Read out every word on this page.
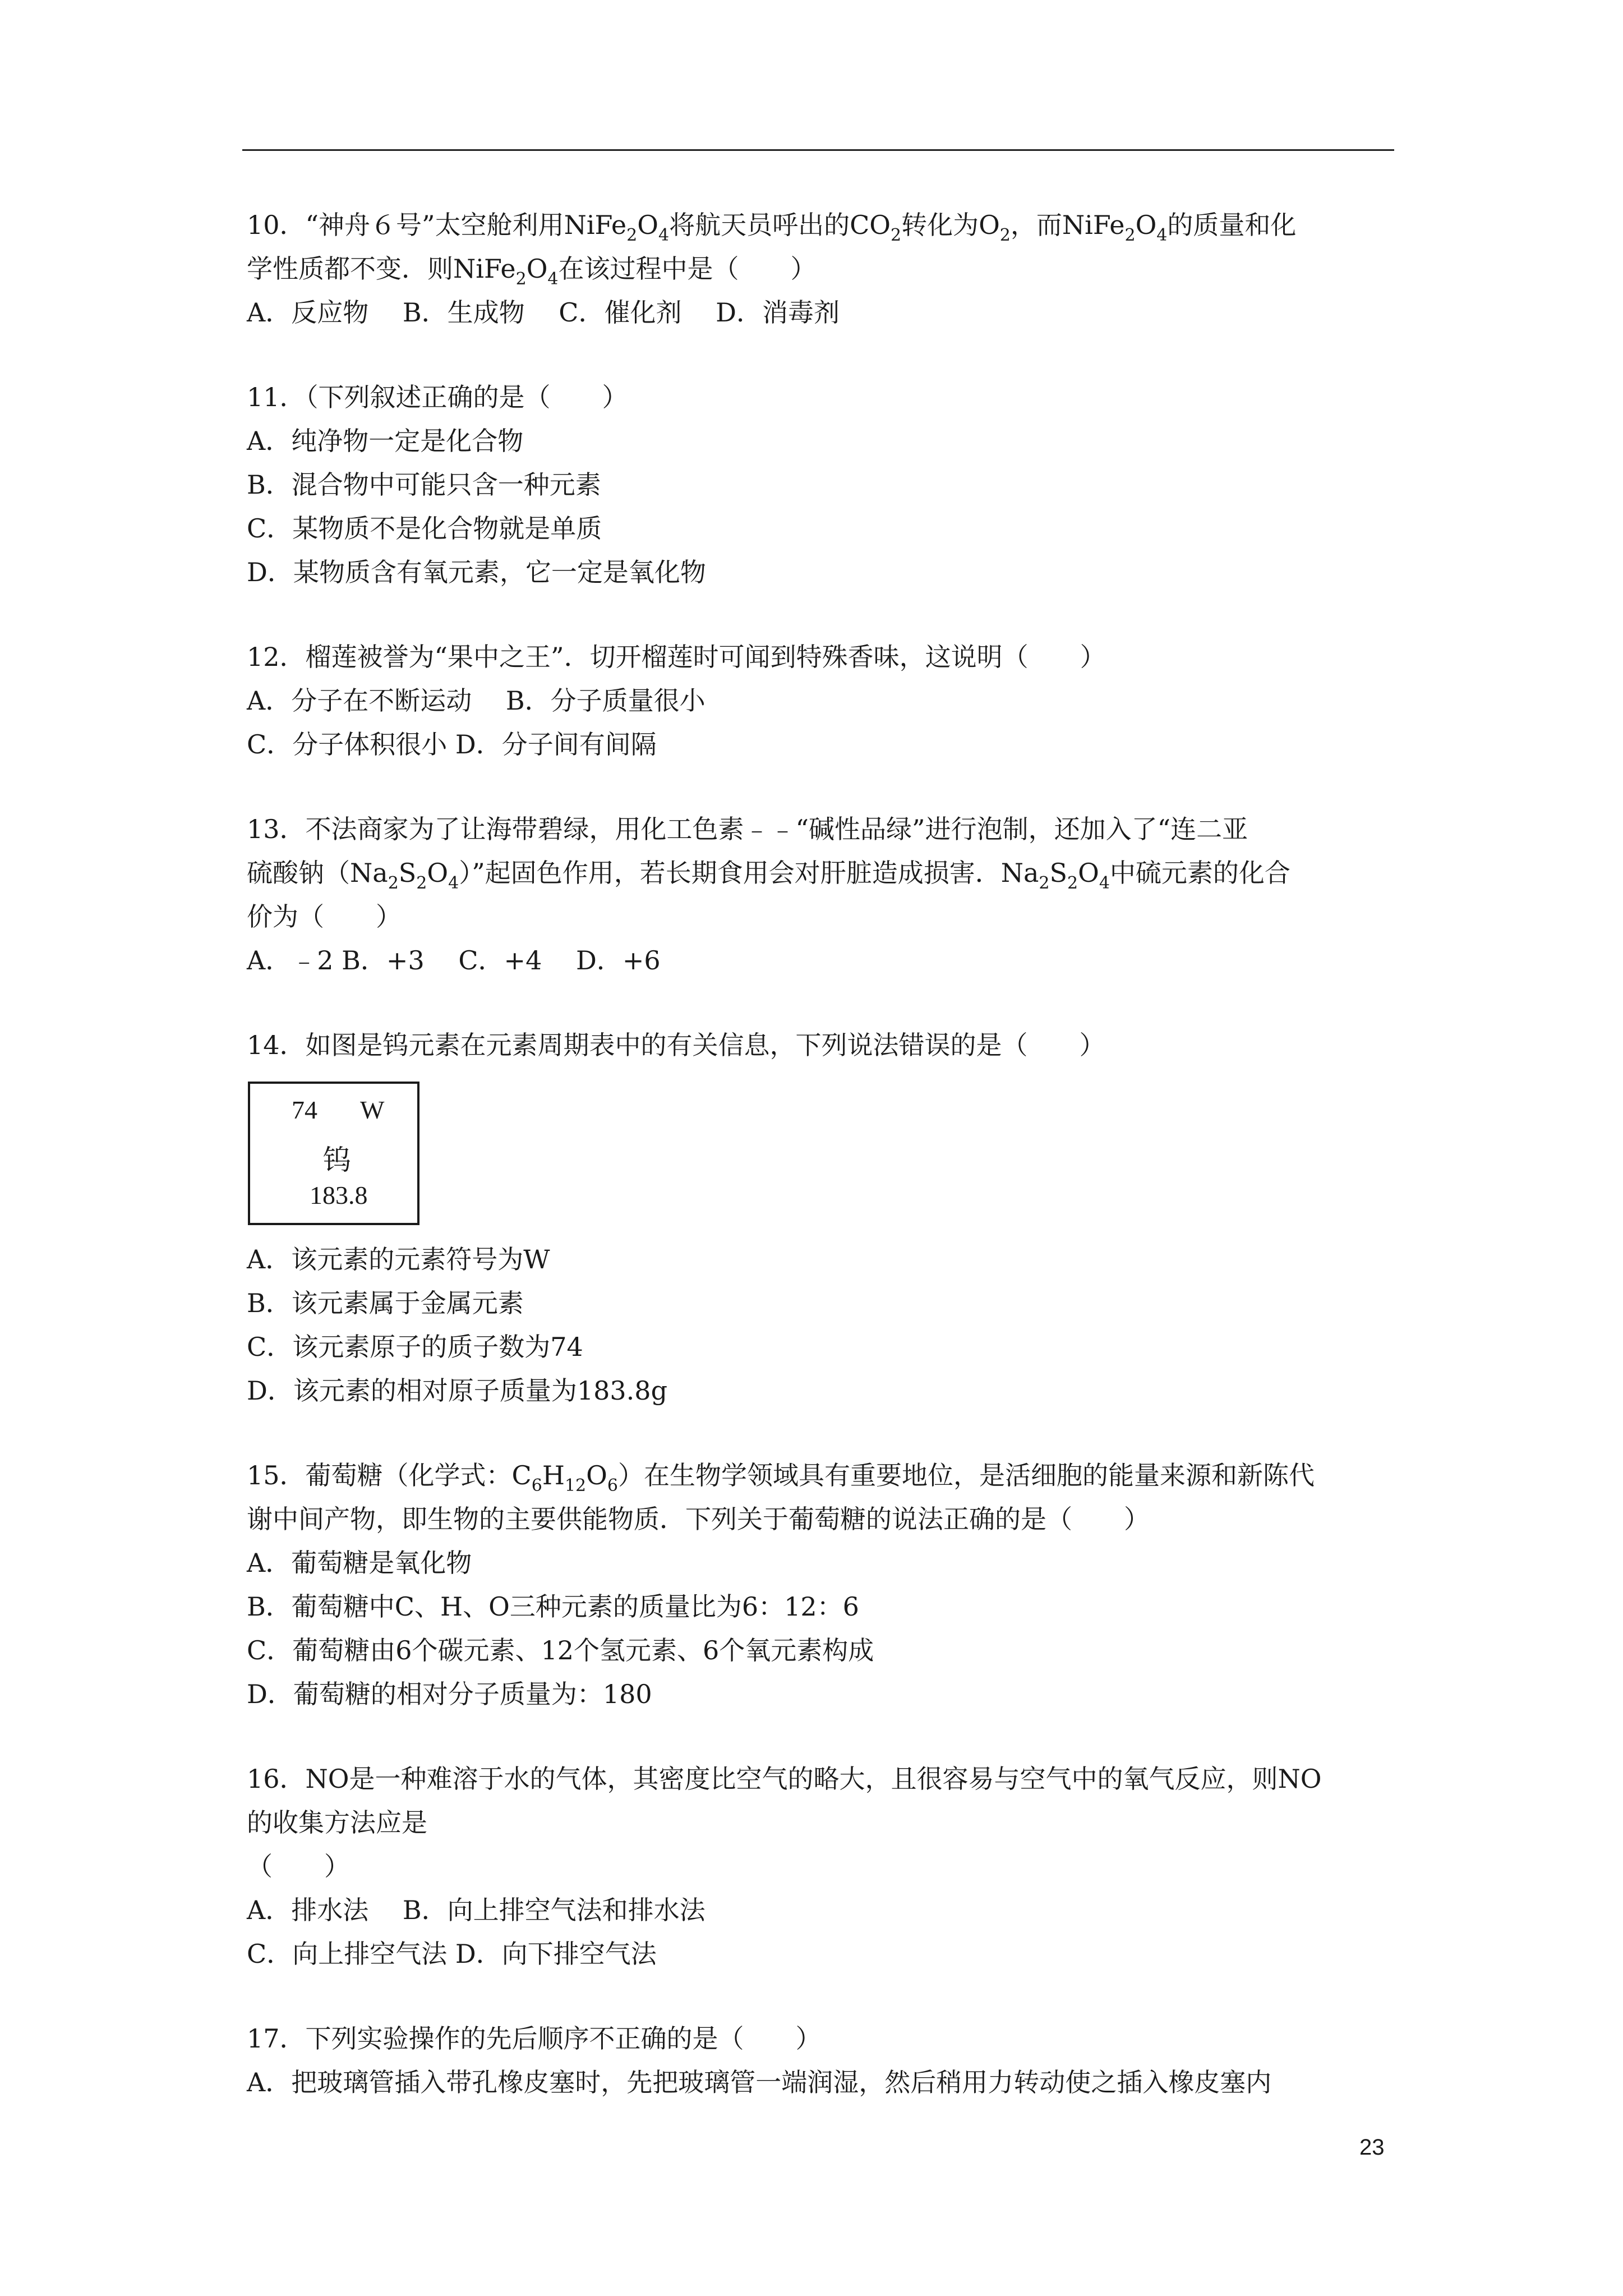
10．“神舟６号”太空舱利用$NiFe_2O_4$将航天员呼出的$CO_2$转化为$O_2$，而$NiFe_2O_4$的质量和化
学性质都不变．则$NiFe_2O_4$在该过程中是（　　）
A．反应物　 B．生成物　 C．催化剂　 D．消毒剂
11．（下列叙述正确的是（　　）
A．纯净物一定是化合物
B．混合物中可能只含一种元素
C．某物质不是化合物就是单质
D．某物质含有氧元素，它一定是氧化物
12．榴莲被誉为“果中之王”．切开榴莲时可闻到特殊香味，这说明（　　）
A．分子在不断运动　 B．分子质量很小
C．分子体积很小 D．分子间有间隔
13．不法商家为了让海带碧绿，用化工色素﹣﹣“碱性品绿”进行泡制，还加入了“连二亚
硫酸钠$(Na_2S_2O_4)$”起固色作用，若长期食用会对肝脏造成损害．$Na_2S_2O_4$中硫元素的化合
价为（　　）
A．﹣2 B．+3　 C．+4　 D．+6
14．如图是钨元素在元素周期表中的有关信息，下列说法错误的是（　　）
74 W
钨
183.8
A．该元素的元素符号为W
B．该元素属于金属元素
C．该元素原子的质子数为74
D．该元素的相对原子质量为183.8g
15．葡萄糖（化学式：$C_6H_{12}O_6$）在生物学领域具有重要地位，是活细胞的能量来源和新陈代
谢中间产物，即生物的主要供能物质．下列关于葡萄糖的说法正确的是（　　）
A．葡萄糖是氧化物
B．葡萄糖中C、H、O三种元素的质量比为6：12：6
C．葡萄糖由6个碳元素、12个氢元素、6个氧元素构成
D．葡萄糖的相对分子质量为：180
16．NO是一种难溶于水的气体，其密度比空气的略大，且很容易与空气中的氧气反应，则NO
的收集方法应是
（　　）
A．排水法　 B．向上排空气法和排水法
C．向上排空气法 D．向下排空气法
17．下列实验操作的先后顺序不正确的是（　　）
A．把玻璃管插入带孔橡皮塞时，先把玻璃管一端润湿，然后稍用力转动使之插入橡皮塞内
23
